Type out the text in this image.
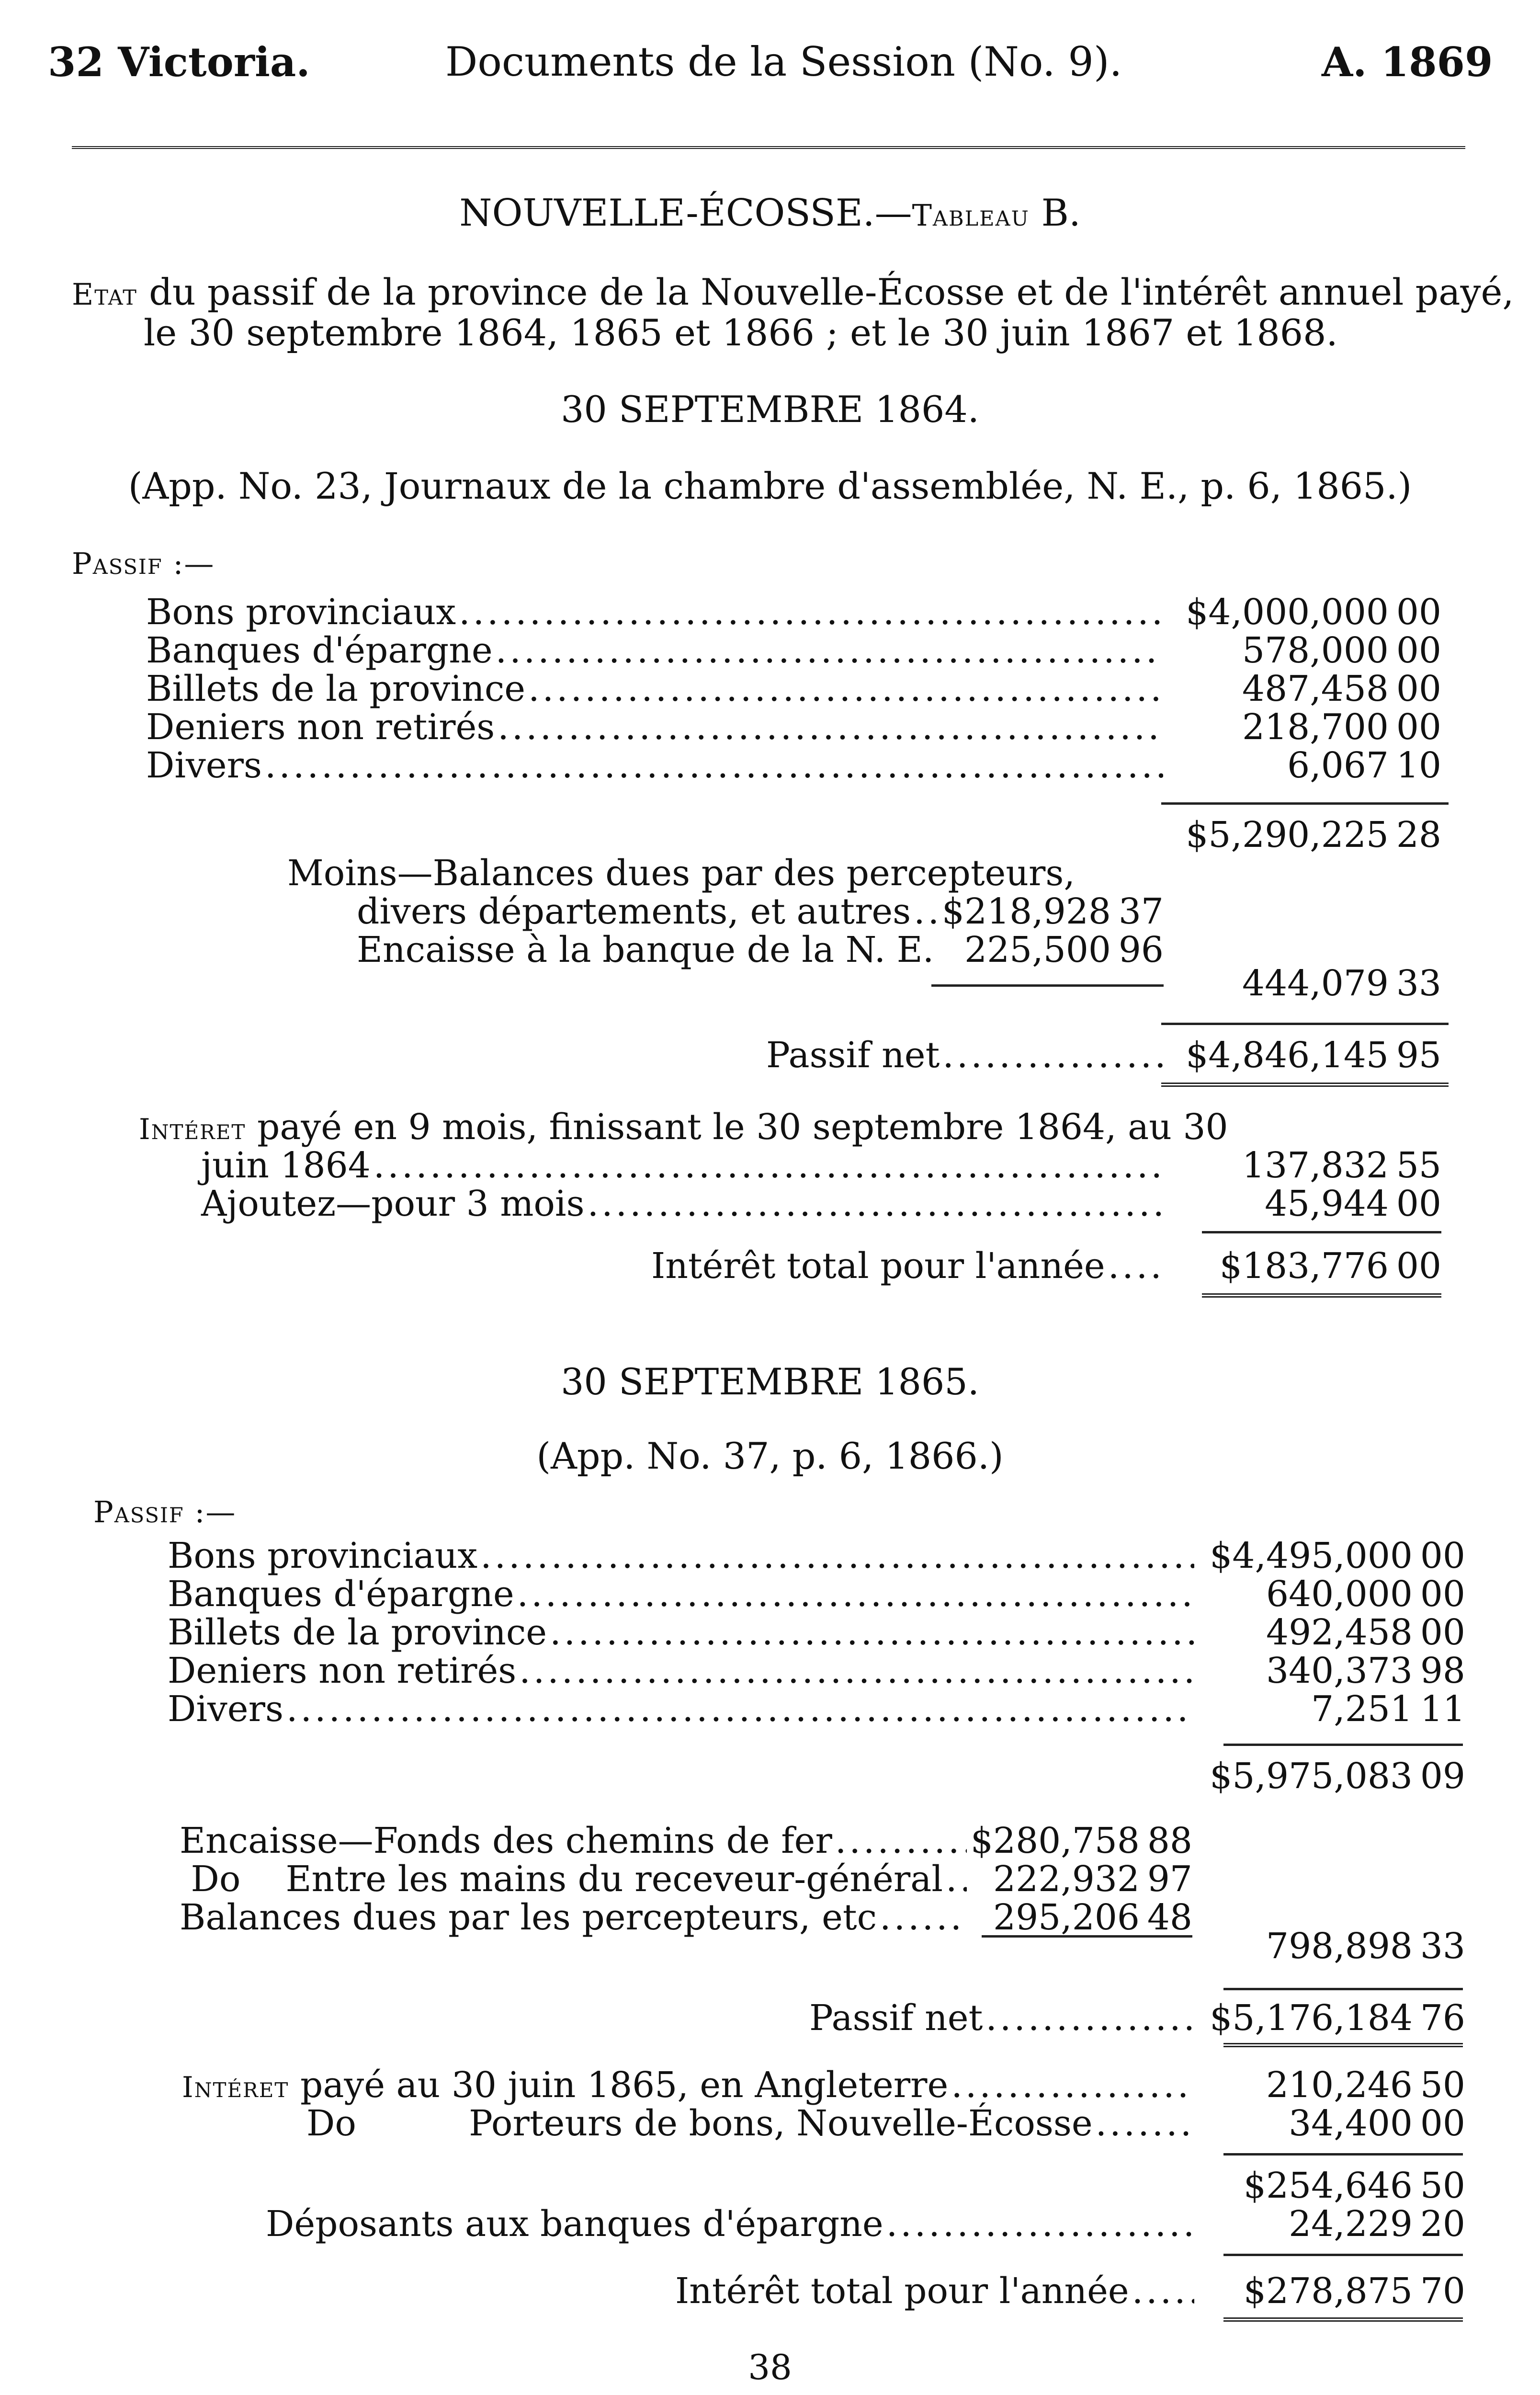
32 Victoria.	Documents de la Session (No. 9).	A. 1869
NOUVELLE-ÉCOSSE.—Tableau B.
Etat du passif de la province de la Nouvelle-Écosse et de l'intérêt annuel payé,
le 30 septembre 1864, 1865 et 1866 ; et le 30 juin 1867 et 1868.
30 SEPTEMBRE 1864.
(App. No. 23, Journaux de la chambre d'assemblée, N. E., p. 6, 1865.)
Passif :—
Bons provinciaux .....	$4,000,000 00
Banques d'épargne .....	578,000 00
Billets de la province .....	487,458 00
Deniers non retirés .....	218,700 00
Divers .....	6,067 10
$5,290,225 28
Moins—Balances dues par des percepteurs,
divers départements, et autres ..... $218,928 37
Encaisse à la banque de la N. E. ..... 225,500 96
444,079 33
Passif net .....	$4,846,145 95
Intéret payé en 9 mois, finissant le 30 septembre 1864, au 30
juin 1864 .....	137,832 55
Ajoutez—pour 3 mois .....	45,944 00
Intérêt total pour l'année .....	$183,776 00
30 SEPTEMBRE 1865.
(App. No. 37, p. 6, 1866.)
Passif :—
Bons provinciaux .....	$4,495,000 00
Banques d'épargne .....	640,000 00
Billets de la province .....	492,458 00
Deniers non retirés .....	340,373 98
Divers .....	7,251 11
$5,975,083 09
Encaisse—Fonds des chemins de fer .....	$280,758 88
Do    Entre les mains du receveur-général ..... 222,932 97
Balances dues par les percepteurs, etc .....	295,206 48
798,898 33
Passif net .....	$5,176,184 76
Intéret payé au 30 juin 1865, en Angleterre .....	210,246 50
Do          Porteurs de bons, Nouvelle-Écosse .....	34,400 00
$254,646 50
Déposants aux banques d'épargne .....	24,229 20
Intérêt total pour l'année .....	$278,875 70
38
